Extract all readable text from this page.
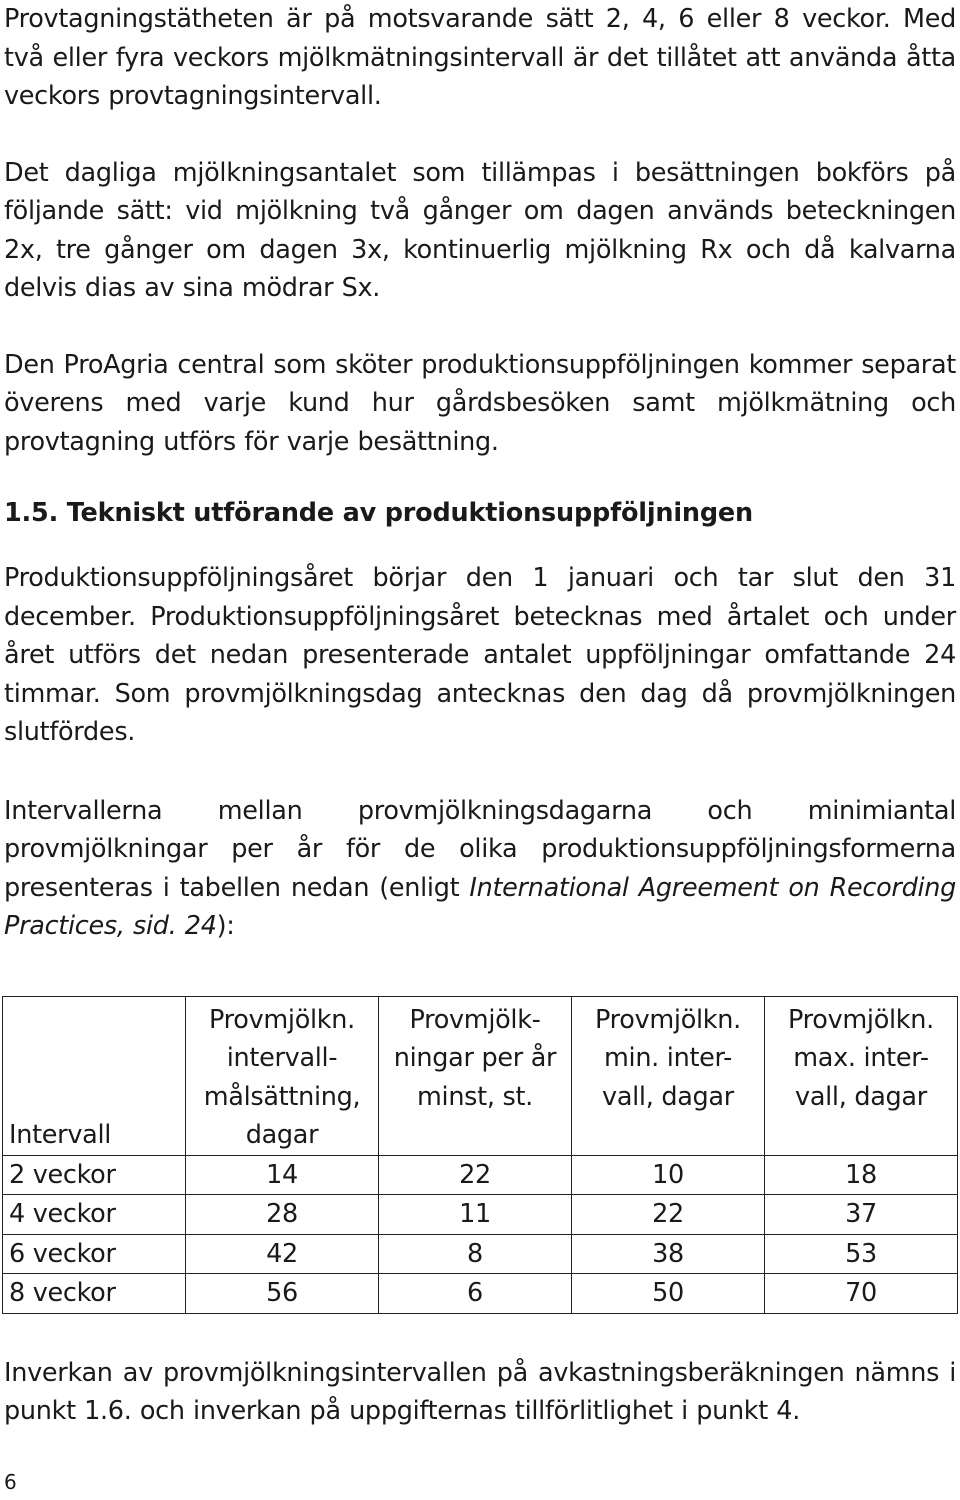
Provtagningstätheten är på motsvarande sätt 2, 4, 6 eller 8 veckor. Med två eller fyra veckors mjölkmätningsintervall är det tillåtet att använda åtta veckors provtagningsintervall.

Det dagliga mjölkningsantalet som tillämpas i besättningen bokförs på följande sätt: vid mjölkning två gånger om dagen används beteckningen 2x, tre gånger om dagen 3x, kontinuerlig mjölkning Rx och då kalvarna delvis dias av sina mödrar Sx.

Den ProAgria central som sköter produktionsuppföljningen kommer separat överens med varje kund hur gårdsbesöken samt mjölkmätning och provtagning utförs för varje besättning.

1.5. Tekniskt utförande av produktionsuppföljningen

Produktionsuppföljningsåret börjar den 1 januari och tar slut den 31 december. Produktionsuppföljningsåret betecknas med årtalet och under året utförs det nedan presenterade antalet uppföljningar omfattande 24 timmar. Som provmjölkningsdag antecknas den dag då provmjölkningen slutfördes.

Intervallerna mellan provmjölkningsdagarna och minimiantal provmjölkningar per år för de olika produktionsuppföljningsformerna presenteras i tabellen nedan (enligt International Agreement on Recording Practices, sid. 24):

Intervall	Provmjölkn.
intervall-
målsättning,
dagar	Provmjölk-
ningar per år
minst, st.	Provmjölkn.
min. inter-
vall, dagar	Provmjölkn.
max. inter-
vall, dagar
2 veckor	14	22	10	18
4 veckor	28	11	22	37
6 veckor	42	8	38	53
8 veckor	56	6	50	70

Inverkan av provmjölkningsintervallen på avkastningsberäkningen nämns i punkt 1.6. och inverkan på uppgifternas tillförlitlighet i punkt 4.

6
